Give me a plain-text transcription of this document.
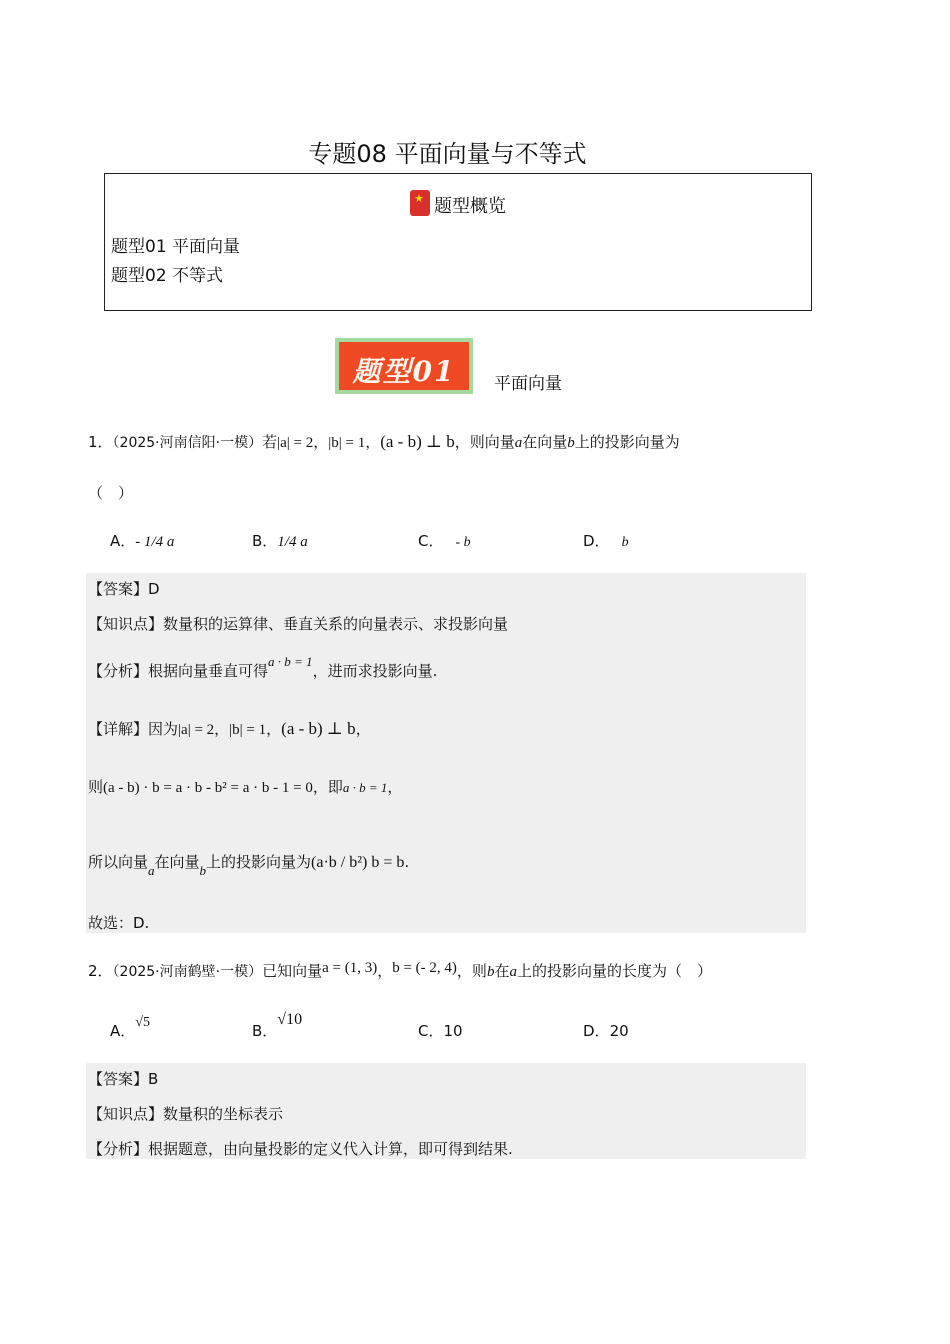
专题08 平面向量与不等式
★题型概览
题型01 平面向量
题型02 不等式
题型01	平面向量
1．（2025·河南信阳·一模）若|a| = 2，|b| = 1，(a - b) ⊥ b，则向量a在向量b上的投影向量为
（　）
A．- 1/4 a	B．1/4 a	C． - b	D． b
【答案】D
【知识点】数量积的运算律、垂直关系的向量表示、求投影向量
【分析】根据向量垂直可得a · b = 1，进而求投影向量.
【详解】因为|a| = 2，|b| = 1，(a - b) ⊥ b，
则(a - b) · b = a · b - b² = a · b - 1 = 0，即a · b = 1，
所以向量a在向量b上的投影向量为(a·b / b²) b = b.
故选：D.
2．（2025·河南鹤壁·一模）已知向量a = (1, 3)，b = (- 2, 4)，则b在a上的投影向量的长度为（　）
A．√5	B．√10
C．10	D．20
【答案】B
【知识点】数量积的坐标表示
【分析】根据题意，由向量投影的定义代入计算，即可得到结果.
